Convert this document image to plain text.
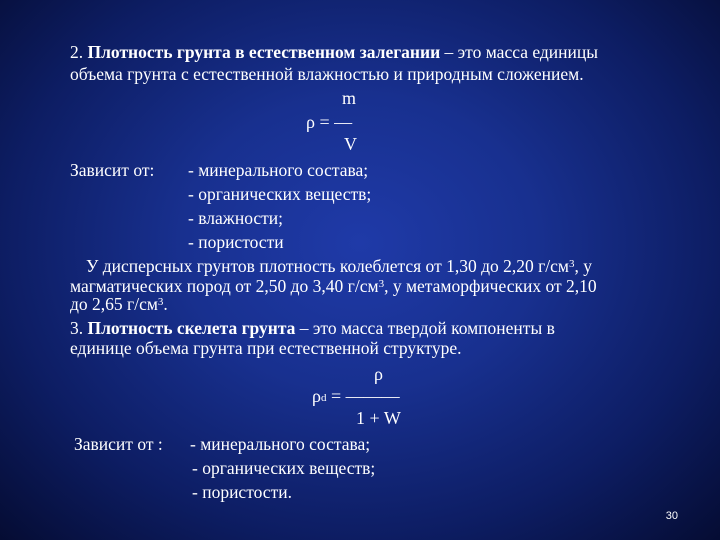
2. Плотность грунта в естественном залегании – это масса единицы
объема грунта с естественной влажностью и природным сложением.
m
ρ = —
V
Зависит от: - минерального состава;
- органических веществ;
- влажности;
- пористости
У дисперсных грунтов плотность колеблется от 1,30 до 2,20 $г/см^3$, у
магматических пород от 2,50 до 3,40 $г/см^3$, у метаморфических от 2,10
до 2,65 $г/см^3$.
3. Плотность скелета грунта – это масса твердой компоненты в
единице объема грунта при естественной структуре.
ρ
$\rho_d$ = ———
1 + W
Зависит от : - минерального состава;
- органических веществ;
- пористости.
30
